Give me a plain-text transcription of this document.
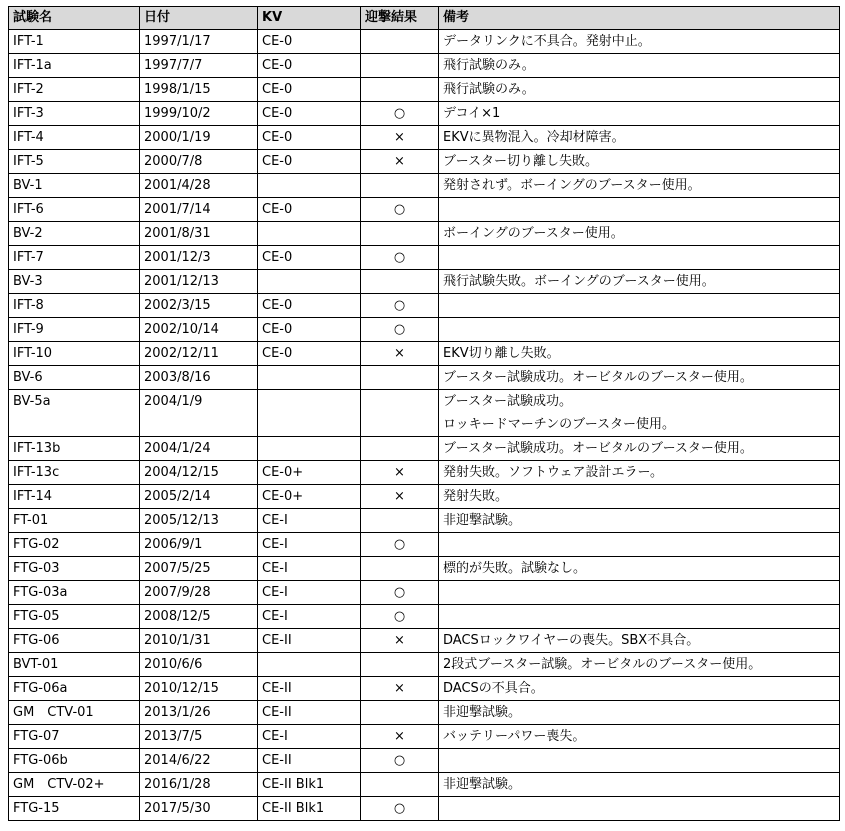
試験名	日付	KV	迎撃結果	備考
IFT-1	1997/1/17	CE-0		データリンクに不具合。発射中止。

IFT-1a	1997/7/7	CE-0		飛行試験のみ。

IFT-2	1998/1/15	CE-0		飛行試験のみ。

IFT-3	1999/10/2	CE-0	○	デコイ×1

IFT-4	2000/1/19	CE-0	×	EKVに異物混入。冷却材障害。

IFT-5	2000/7/8	CE-0	×	ブースター切り離し失敗。

BV-1	2001/4/28			発射されず。ボーイングのブースター使用。

IFT-6	2001/7/14	CE-0	○	

BV-2	2001/8/31			ボーイングのブースター使用。

IFT-7	2001/12/3	CE-0	○	

BV-3	2001/12/13			飛行試験失敗。ボーイングのブースター使用。

IFT-8	2002/3/15	CE-0	○	

IFT-9	2002/10/14	CE-0	○	

IFT-10	2002/12/11	CE-0	×	EKV切り離し失敗。

BV-6	2003/8/16			ブースター試験成功。オービタルのブースター使用。

BV-5a	2004/1/9			ブースター試験成功。
ロッキードマーチンのブースター使用。

IFT-13b	2004/1/24			ブースター試験成功。オービタルのブースター使用。

IFT-13c	2004/12/15	CE-0+	×	発射失敗。ソフトウェア設計エラー。

IFT-14	2005/2/14	CE-0+	×	発射失敗。

FT-01	2005/12/13	CE-I		非迎撃試験。

FTG-02	2006/9/1	CE-I	○	

FTG-03	2007/5/25	CE-I		標的が失敗。試験なし。

FTG-03a	2007/9/28	CE-I	○	

FTG-05	2008/12/5	CE-I	○	

FTG-06	2010/1/31	CE-II	×	DACSロックワイヤーの喪失。SBX不具合。

BVT-01	2010/6/6			2段式ブースター試験。オービタルのブースター使用。

FTG-06a	2010/12/15	CE-II	×	DACSの不具合。

GM　CTV-01	2013/1/26	CE-II		非迎撃試験。

FTG-07	2013/7/5	CE-I	×	バッテリーパワー喪失。

FTG-06b	2014/6/22	CE-II	○	

GM　CTV-02+	2016/1/28	CE-II Blk1		非迎撃試験。

FTG-15	2017/5/30	CE-II Blk1	○	
